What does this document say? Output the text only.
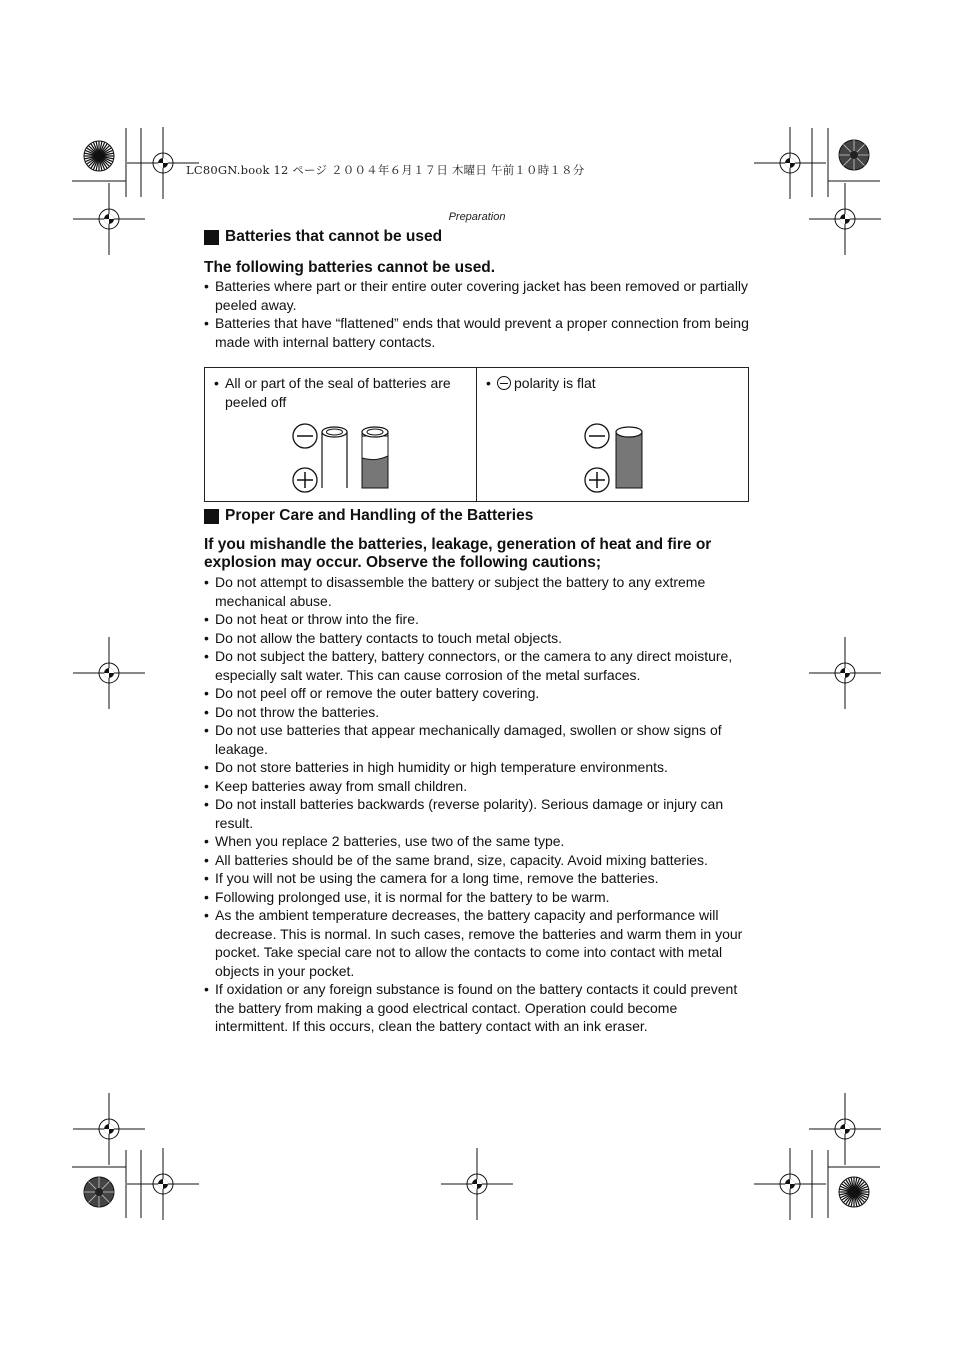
LC80GN.book 12 ページ ２００４年６月１７日 木曜日 午前１０時１８分
Preparation
Batteries that cannot be used

The following batteries cannot be used.

• Batteries where part or their entire outer covering jacket has been removed or partially peeled away.
• Batteries that have “flattened” ends that would prevent a proper connection from being made with internal battery contacts.
• All or part of the seal of batteries are peeled off
• polarity is flat
Proper Care and Handling of the Batteries

If you mishandle the batteries, leakage, generation of heat and fire or explosion may occur. Observe the following cautions;

• Do not attempt to disassemble the battery or subject the battery to any extreme mechanical abuse.
• Do not heat or throw into the fire.
• Do not allow the battery contacts to touch metal objects.
• Do not subject the battery, battery connectors, or the camera to any direct moisture, especially salt water. This can cause corrosion of the metal surfaces.
• Do not peel off or remove the outer battery covering.
• Do not throw the batteries.
• Do not use batteries that appear mechanically damaged, swollen or show signs of leakage.
• Do not store batteries in high humidity or high temperature environments.
• Keep batteries away from small children.
• Do not install batteries backwards (reverse polarity). Serious damage or injury can result.
• When you replace 2 batteries, use two of the same type.
• All batteries should be of the same brand, size, capacity. Avoid mixing batteries.
• If you will not be using the camera for a long time, remove the batteries.
• Following prolonged use, it is normal for the battery to be warm.
• As the ambient temperature decreases, the battery capacity and performance will decrease. This is normal. In such cases, remove the batteries and warm them in your pocket. Take special care not to allow the contacts to come into contact with metal objects in your pocket.
• If oxidation or any foreign substance is found on the battery contacts it could prevent the battery from making a good electrical contact. Operation could become intermittent. If this occurs, clean the battery contact with an ink eraser.
